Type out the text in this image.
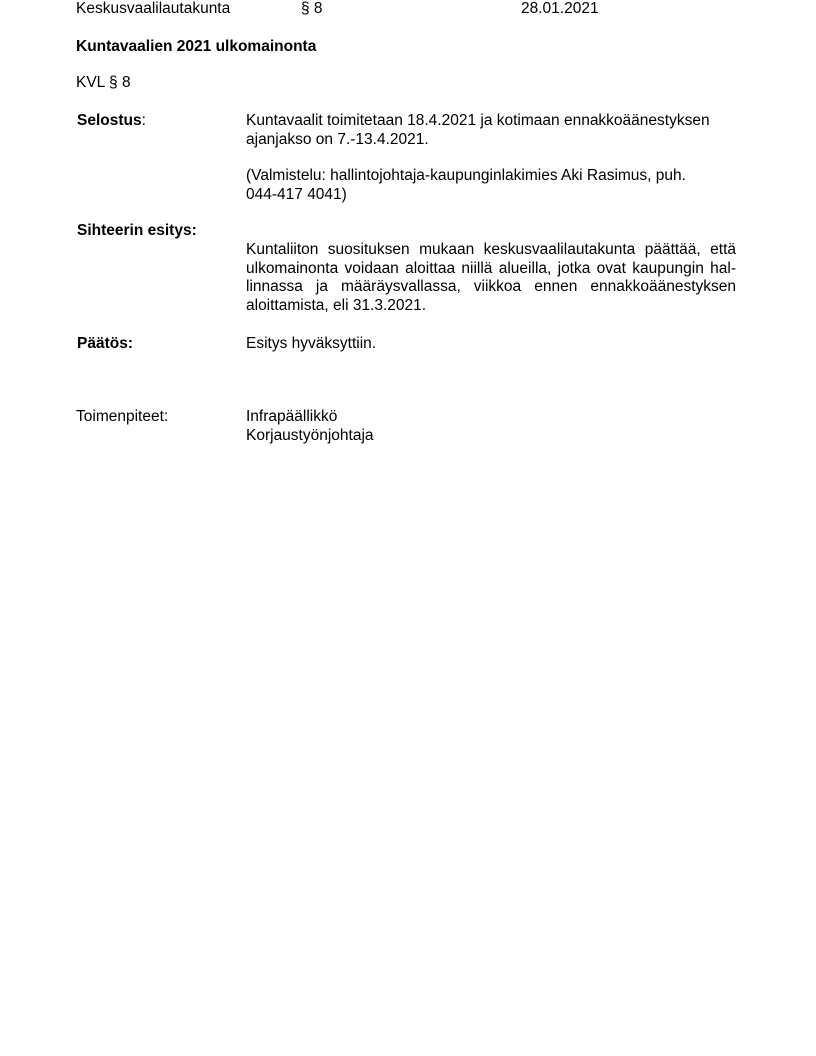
Keskusvaalilautakunta	§ 8	28.01.2021
Kuntavaalien 2021 ulkomainonta
KVL § 8
Selostus:	Kuntavaalit toimitetaan 18.4.2021 ja kotimaan ennakkoäänestyksen
ajanjakso on 7.-13.4.2021.
(Valmistelu: hallintojohtaja-kaupunginlakimies Aki Rasimus, puh.
044-417 4041)
Sihteerin esitys:
Kuntaliiton suosituksen mukaan keskusvaalilautakunta päättää, että
ulkomainonta voidaan aloittaa niillä alueilla, jotka ovat kaupungin hal-
linnassa ja määräysvallassa, viikkoa ennen ennakkoäänestyksen
aloittamista, eli 31.3.2021.
Päätös:	Esitys hyväksyttiin.
Toimenpiteet:	Infrapäällikkö
Korjaustyönjohtaja
